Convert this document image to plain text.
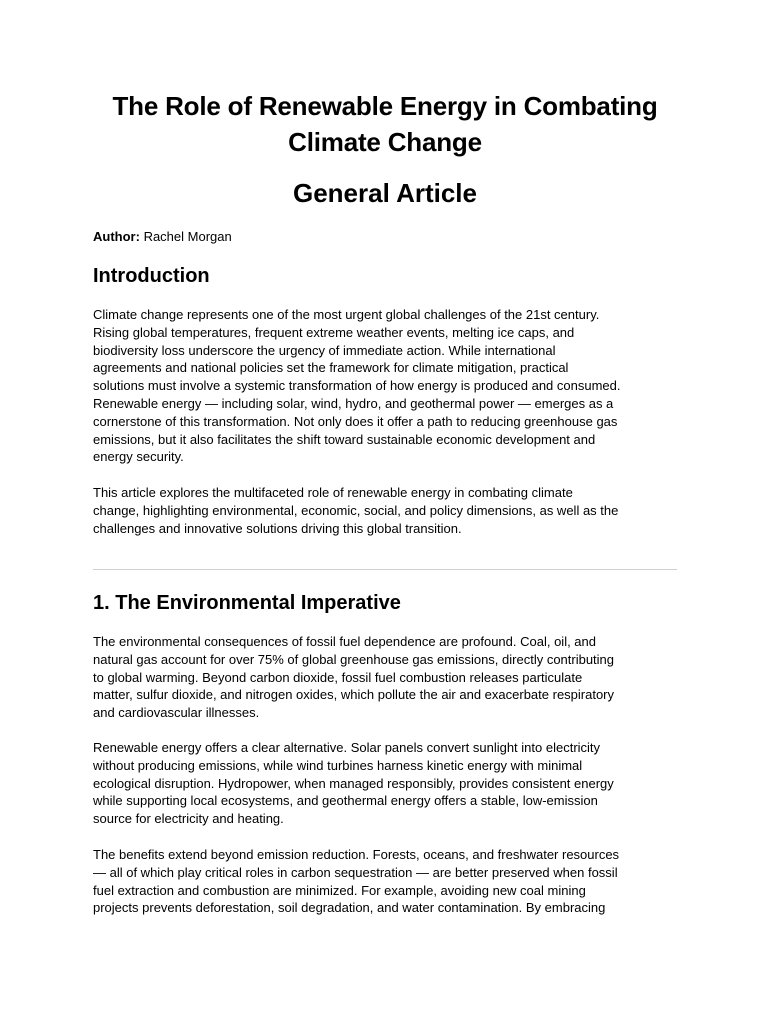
The Role of Renewable Energy in Combating
Climate Change
General Article

Author: Rachel Morgan

Introduction

Climate change represents one of the most urgent global challenges of the 21st century.
Rising global temperatures, frequent extreme weather events, melting ice caps, and
biodiversity loss underscore the urgency of immediate action. While international
agreements and national policies set the framework for climate mitigation, practical
solutions must involve a systemic transformation of how energy is produced and consumed.
Renewable energy — including solar, wind, hydro, and geothermal power — emerges as a
cornerstone of this transformation. Not only does it offer a path to reducing greenhouse gas
emissions, but it also facilitates the shift toward sustainable economic development and
energy security.

This article explores the multifaceted role of renewable energy in combating climate
change, highlighting environmental, economic, social, and policy dimensions, as well as the
challenges and innovative solutions driving this global transition.

1. The Environmental Imperative

The environmental consequences of fossil fuel dependence are profound. Coal, oil, and
natural gas account for over 75% of global greenhouse gas emissions, directly contributing
to global warming. Beyond carbon dioxide, fossil fuel combustion releases particulate
matter, sulfur dioxide, and nitrogen oxides, which pollute the air and exacerbate respiratory
and cardiovascular illnesses.

Renewable energy offers a clear alternative. Solar panels convert sunlight into electricity
without producing emissions, while wind turbines harness kinetic energy with minimal
ecological disruption. Hydropower, when managed responsibly, provides consistent energy
while supporting local ecosystems, and geothermal energy offers a stable, low-emission
source for electricity and heating.

The benefits extend beyond emission reduction. Forests, oceans, and freshwater resources
— all of which play critical roles in carbon sequestration — are better preserved when fossil
fuel extraction and combustion are minimized. For example, avoiding new coal mining
projects prevents deforestation, soil degradation, and water contamination. By embracing
